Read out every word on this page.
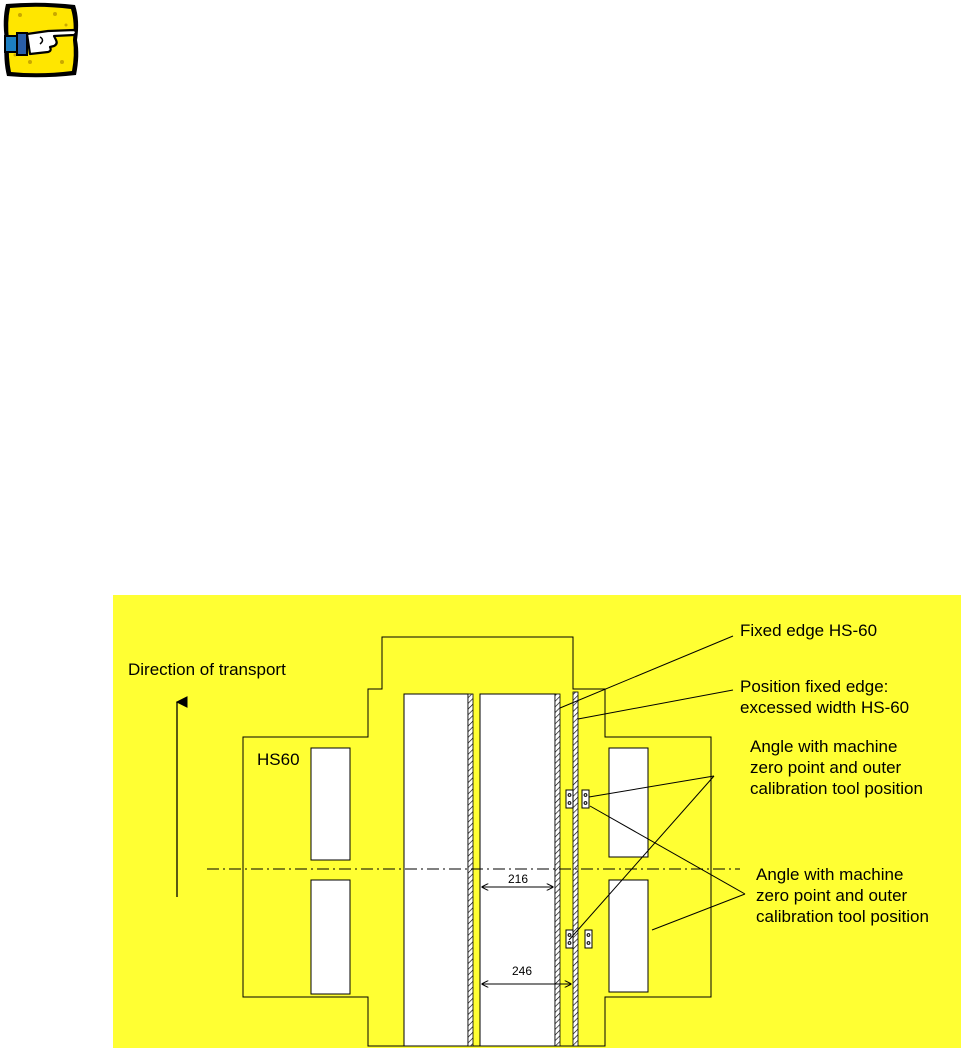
216
246
Direction of transport
HS60
Fixed edge HS-60
Position fixed edge:
excessed width HS-60
Angle with machine
zero point and outer
calibration tool position
Angle with machine
zero point and outer
calibration tool position
